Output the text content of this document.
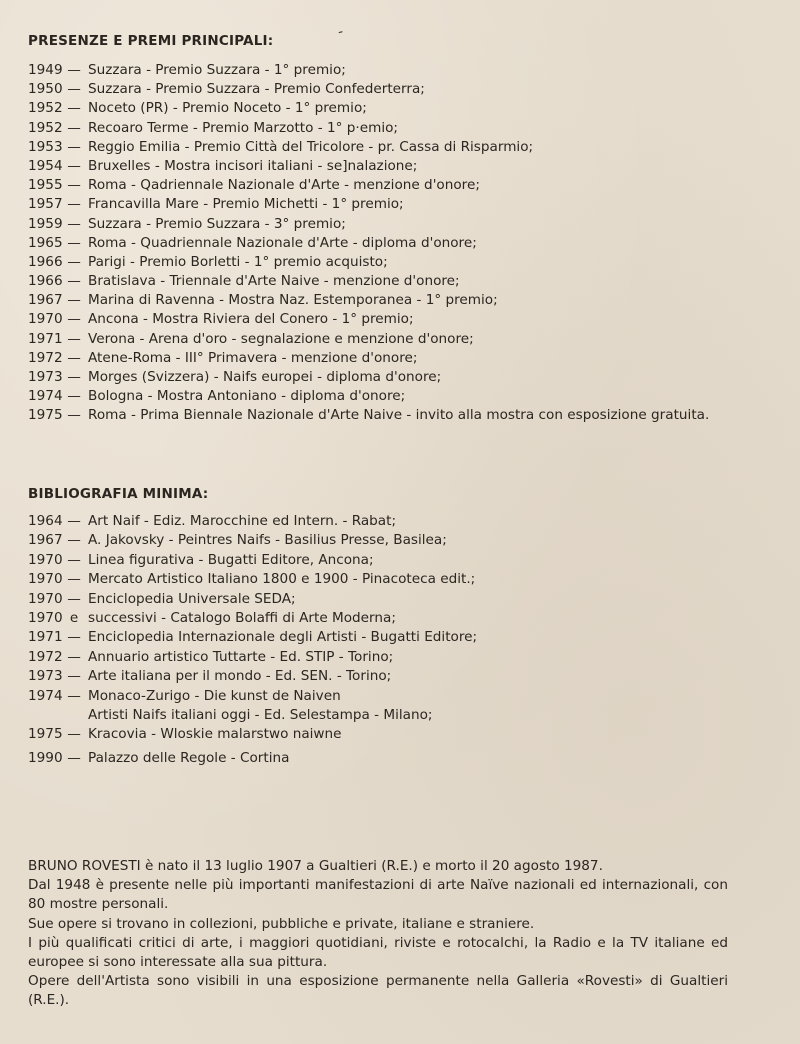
PRESENZE E PREMI PRINCIPALI:
-
1949 — Suzzara - Premio Suzzara - 1° premio;
1950 — Suzzara - Premio Suzzara - Premio Confederterra;
1952 — Noceto (PR) - Premio Noceto - 1° premio;
1952 — Recoaro Terme - Premio Marzotto - 1° p·emio;
1953 — Reggio Emilia - Premio Città del Tricolore - pr. Cassa di Risparmio;
1954 — Bruxelles - Mostra incisori italiani - se]nalazione;
1955 — Roma - Qadriennale Nazionale d'Arte - menzione d'onore;
1957 — Francavilla Mare - Premio Michetti - 1° premio;
1959 — Suzzara - Premio Suzzara - 3° premio;
1965 — Roma - Quadriennale Nazionale d'Arte - diploma d'onore;
1966 — Parigi - Premio Borletti - 1° premio acquisto;
1966 — Bratislava - Triennale d'Arte Naive - menzione d'onore;
1967 — Marina di Ravenna - Mostra Naz. Estemporanea - 1° premio;
1970 — Ancona - Mostra Riviera del Conero - 1° premio;
1971 — Verona - Arena d'oro - segnalazione e menzione d'onore;
1972 — Atene-Roma - III° Primavera - menzione d'onore;
1973 — Morges (Svizzera) - Naifs europei - diploma d'onore;
1974 — Bologna - Mostra Antoniano - diploma d'onore;
1975 — Roma - Prima Biennale Nazionale d'Arte Naive - invito alla mostra con esposizione gratuita.
BIBLIOGRAFIA MINIMA:
1964 — Art Naif - Ediz. Marocchine ed Intern. - Rabat;
1967 — A. Jakovsky - Peintres Naifs - Basilius Presse, Basilea;
1970 — Linea figurativa - Bugatti Editore, Ancona;
1970 — Mercato Artistico Italiano 1800 e 1900 - Pinacoteca edit.;
1970 — Enciclopedia Universale SEDA;
1970 e successivi - Catalogo Bolaffi di Arte Moderna;
1971 — Enciclopedia Internazionale degli Artisti - Bugatti Editore;
1972 — Annuario artistico Tuttarte - Ed. STIP - Torino;
1973 — Arte italiana per il mondo - Ed. SEN. - Torino;
1974 — Monaco-Zurigo - Die kunst de Naiven
Artisti Naifs italiani oggi - Ed. Selestampa - Milano;
1975 — Kracovia - Wloskie malarstwo naiwne
1990 — Palazzo delle Regole - Cortina

BRUNO ROVESTI è nato il 13 luglio 1907 a Gualtieri (R.E.) e morto il 20 agosto 1987.

Dal 1948 è presente nelle più importanti manifestazioni di arte Naïve nazionali ed internazionali, con 80 mostre personali.

Sue opere si trovano in collezioni, pubbliche e private, italiane e straniere.

I più qualificati critici di arte, i maggiori quotidiani, riviste e rotocalchi, la Radio e la TV italiane ed europee si sono interessate alla sua pittura.

Opere dell'Artista sono visibili in una esposizione permanente nella Galleria «Rovesti» di Gualtieri (R.E.).
